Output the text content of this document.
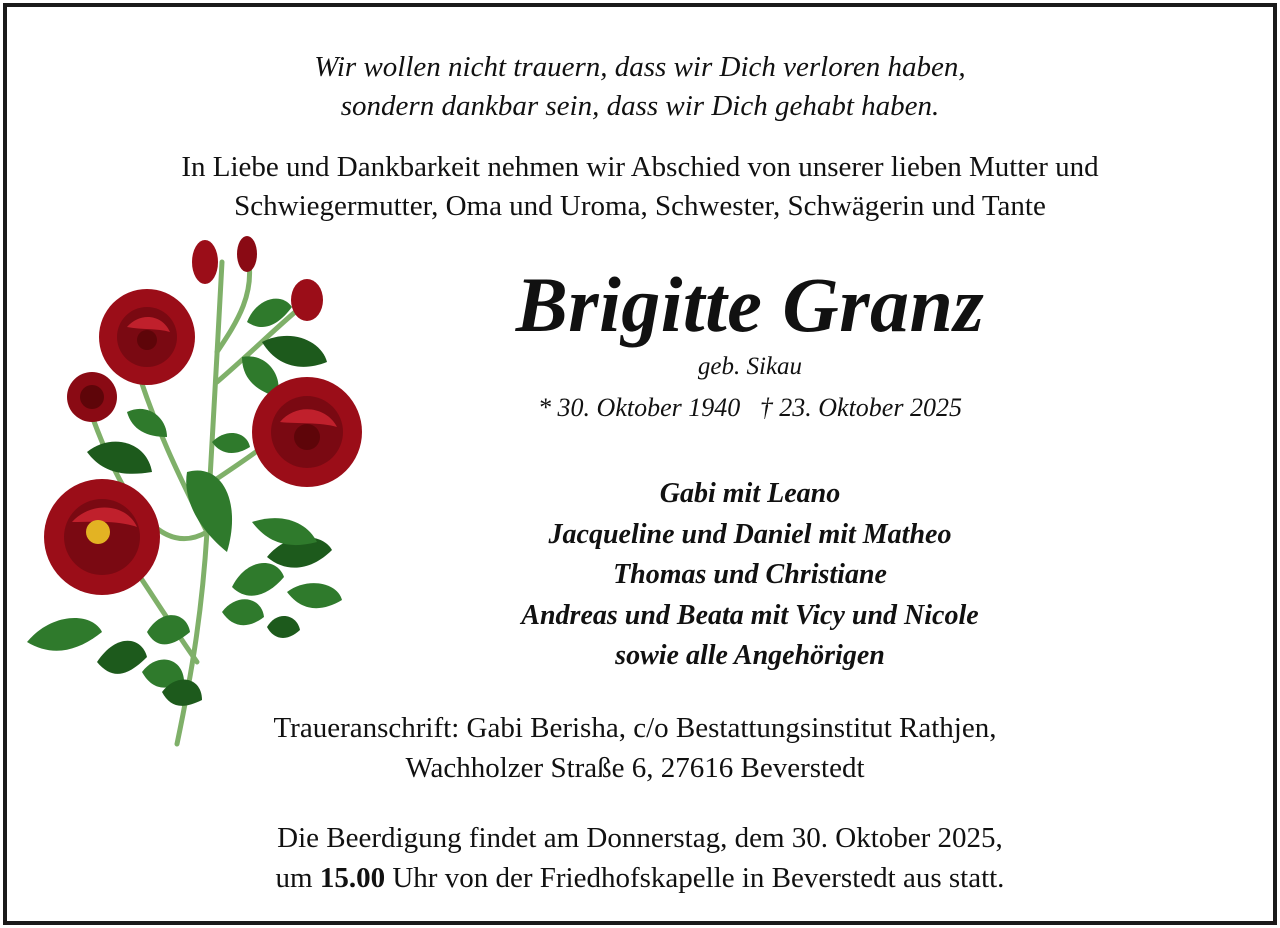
Wir wollen nicht trauern, dass wir Dich verloren haben,
sondern dankbar sein, dass wir Dich gehabt haben.
In Liebe und Dankbarkeit nehmen wir Abschied von unserer lieben Mutter und
Schwiegermutter, Oma und Uroma, Schwester, Schwägerin und Tante
Brigitte Granz
geb. Sikau
* 30. Oktober 1940 † 23. Oktober 2025
Gabi mit Leano
Jacqueline und Daniel mit Matheo
Thomas und Christiane
Andreas und Beata mit Vicy und Nicole
sowie alle Angehörigen
Traueranschrift: Gabi Berisha, c/o Bestattungsinstitut Rathjen,
Wachholzer Straße 6, 27616 Beverstedt
Die Beerdigung findet am Donnerstag, dem 30. Oktober 2025,
um 15.00 Uhr von der Friedhofskapelle in Beverstedt aus statt.
